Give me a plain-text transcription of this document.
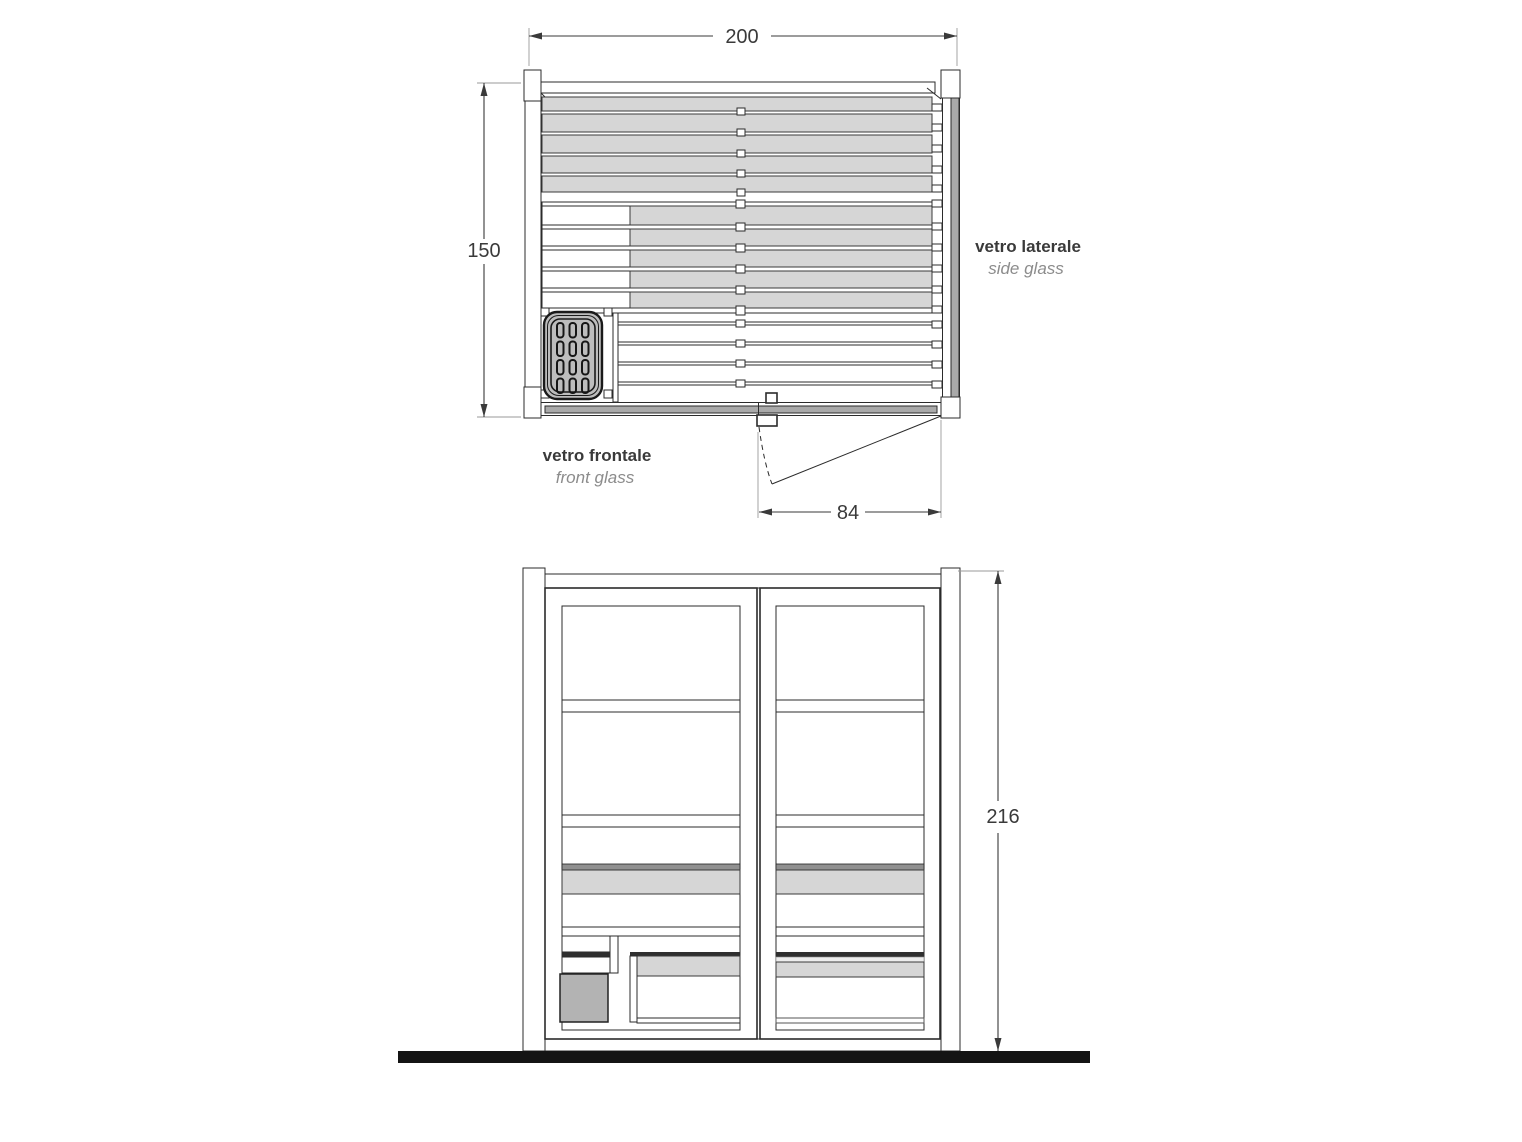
200
150
84
vetro laterale
side glass
vetro frontale
front glass
216
